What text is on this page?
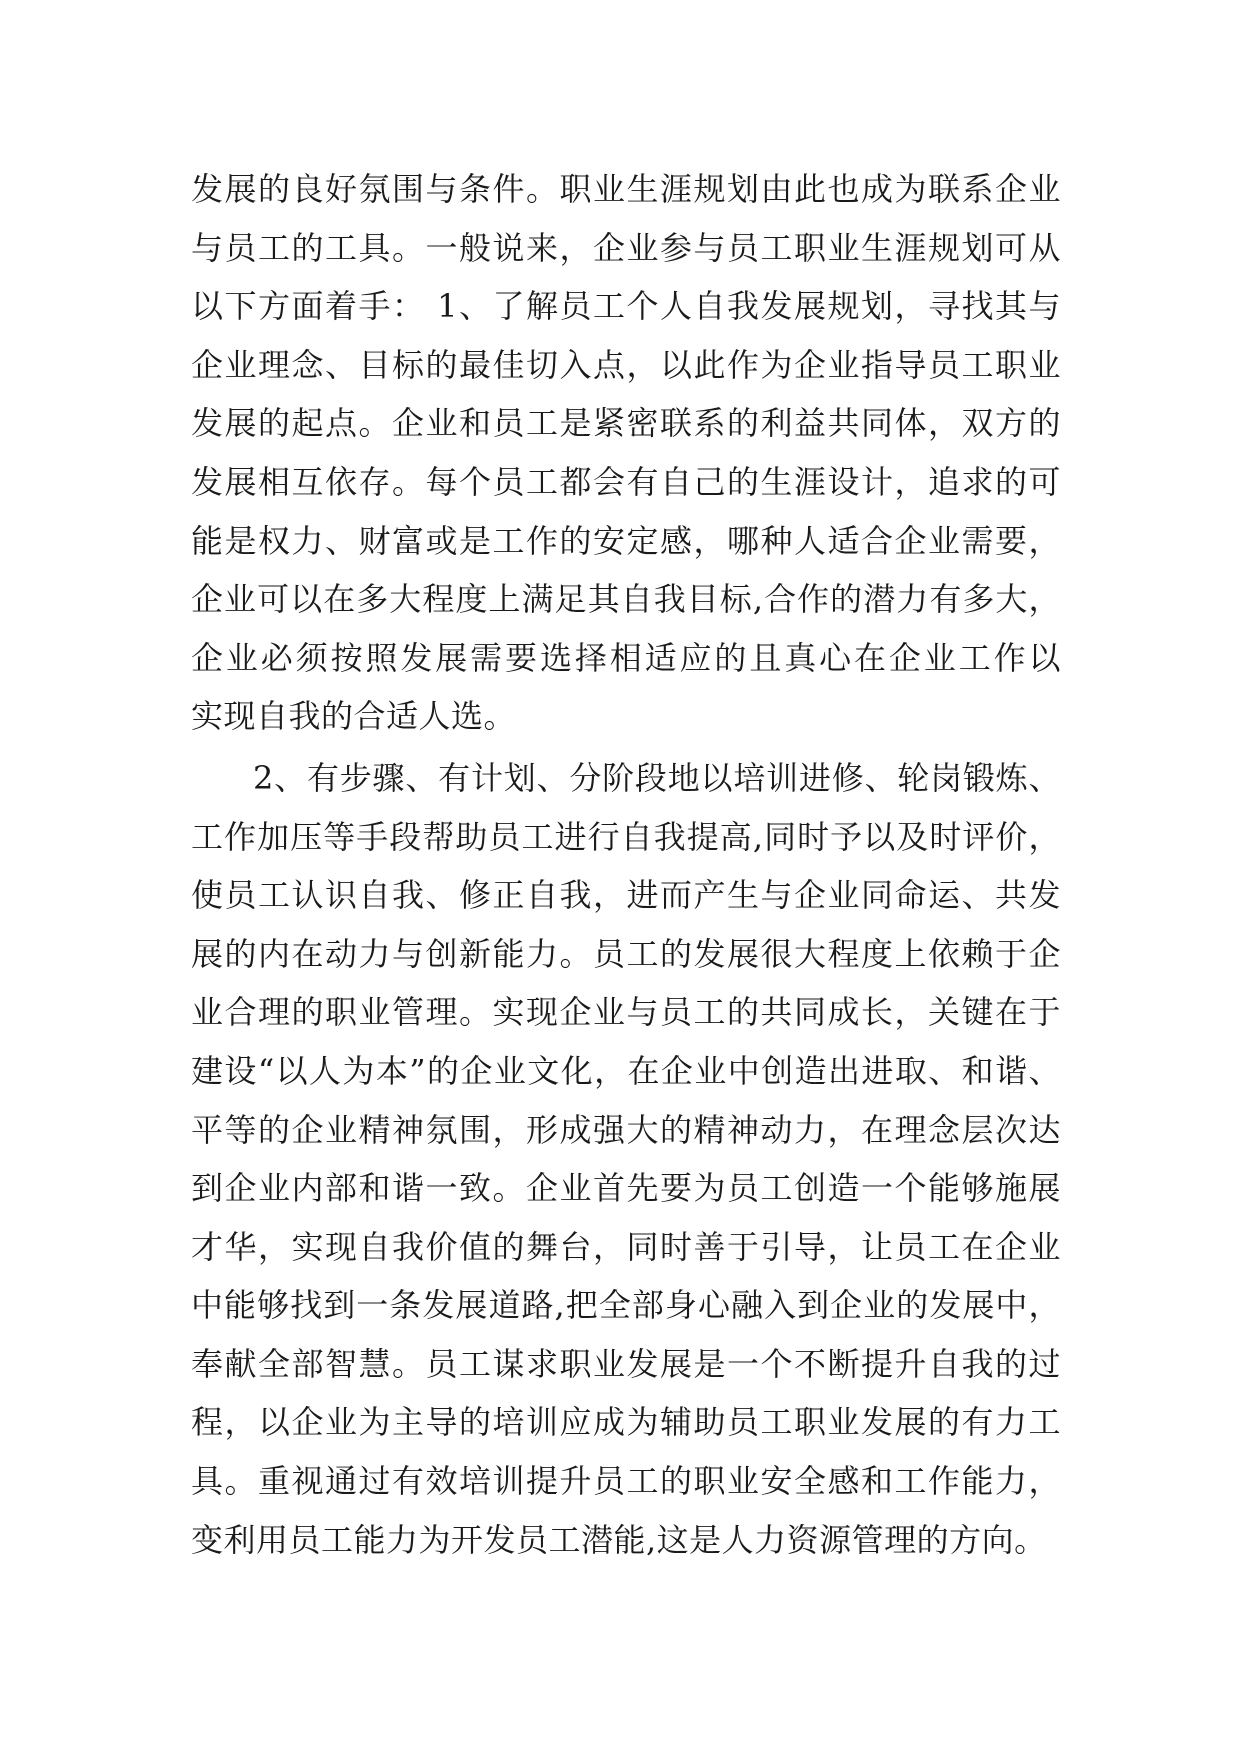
发展的良好氛围与条件。职业生涯规划由此也成为联系企业
与员工的工具。一般说来，企业参与员工职业生涯规划可从
以下方面着手： 1、了解员工个人自我发展规划，寻找其与
企业理念、目标的最佳切入点，以此作为企业指导员工职业
发展的起点。企业和员工是紧密联系的利益共同体，双方的
发展相互依存。每个员工都会有自己的生涯设计，追求的可
能是权力、财富或是工作的安定感，哪种人适合企业需要，
企业可以在多大程度上满足其自我目标,合作的潜力有多大，
企业必须按照发展需要选择相适应的且真心在企业工作以
实现自我的合适人选。
2、有步骤、有计划、分阶段地以培训进修、轮岗锻炼、
工作加压等手段帮助员工进行自我提高,同时予以及时评价，
使员工认识自我、修正自我，进而产生与企业同命运、共发
展的内在动力与创新能力。员工的发展很大程度上依赖于企
业合理的职业管理。实现企业与员工的共同成长，关键在于
建设“以人为本”的企业文化，在企业中创造出进取、和谐、
平等的企业精神氛围，形成强大的精神动力，在理念层次达
到企业内部和谐一致。企业首先要为员工创造一个能够施展
才华，实现自我价值的舞台，同时善于引导，让员工在企业
中能够找到一条发展道路,把全部身心融入到企业的发展中，
奉献全部智慧。员工谋求职业发展是一个不断提升自我的过
程，以企业为主导的培训应成为辅助员工职业发展的有力工
具。重视通过有效培训提升员工的职业安全感和工作能力，
变利用员工能力为开发员工潜能,这是人力资源管理的方向。
